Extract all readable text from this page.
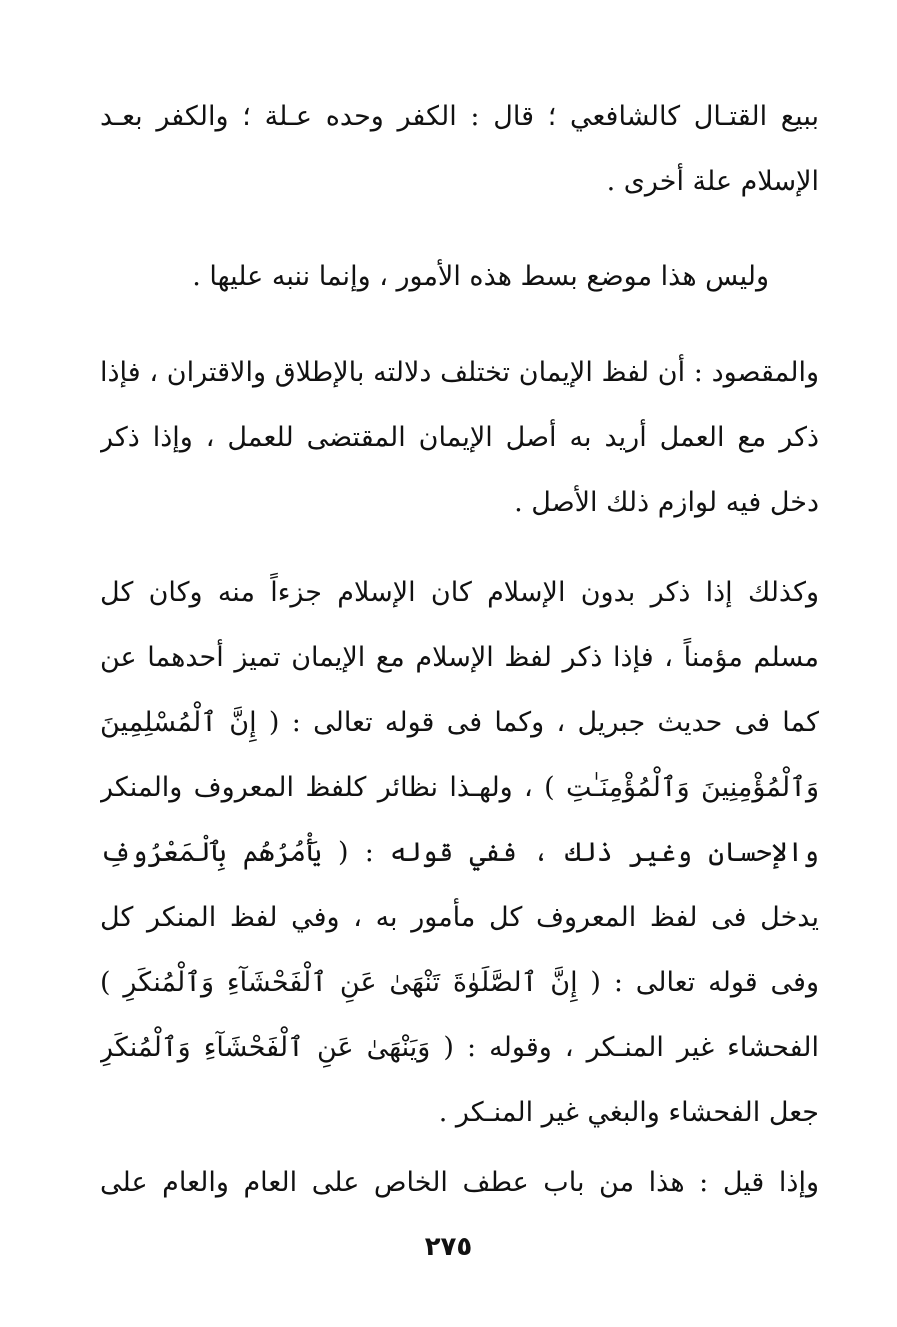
ببيع القتـال كالشافعي ؛ قال : الكفر وحده عـلة ؛ والكفر بعـد
الإسلام علة أخرى .
وليس هذا موضع بسط هذه الأمور ، وإنما ننبه عليها .
والمقصود : أن لفظ الإيمان تختلف دلالته بالإطلاق والاقتران ، فإذا
ذكر مع العمل أريد به أصل الإيمان المقتضى للعمل ، وإذا ذكر
دخل فيه لوازم ذلك الأصل .
وكذلك إذا ذكر بدون الإسلام كان الإسلام جزءاً منه وكان كل
مسلم مؤمناً ، فإذا ذكر لفظ الإسلام مع الإيمان تميز أحدهما عن
كما فى حديث جبريل ، وكما فى قوله تعالى : ( إِنَّ ٱلْمُسْلِمِينَ
وَٱلْمُؤْمِنِينَ وَٱلْمُؤْمِنَـٰتِ ) ، ولهـذا نظائر كلفظ المعروف والمنكر
والإحسان وغير ذلك ، ففي قوله : ( يَأْمُرُهُم بِٱلْمَعْرُوفِ
يدخل فى لفظ المعروف كل مأمور به ، وفي لفظ المنكر كل
وفى قوله تعالى : ( إِنَّ ٱلصَّلَوٰةَ تَنْهَىٰ عَنِ ٱلْفَحْشَآءِ وَٱلْمُنكَرِ )
الفحشاء غير المنـكر ، وقوله : ( وَيَنْهَىٰ عَنِ ٱلْفَحْشَآءِ وَٱلْمُنكَرِ
جعل الفحشاء والبغي غير المنـكر .
وإذا قيل : هذا من باب عطف الخاص على العام والعام على
٢٧٥
